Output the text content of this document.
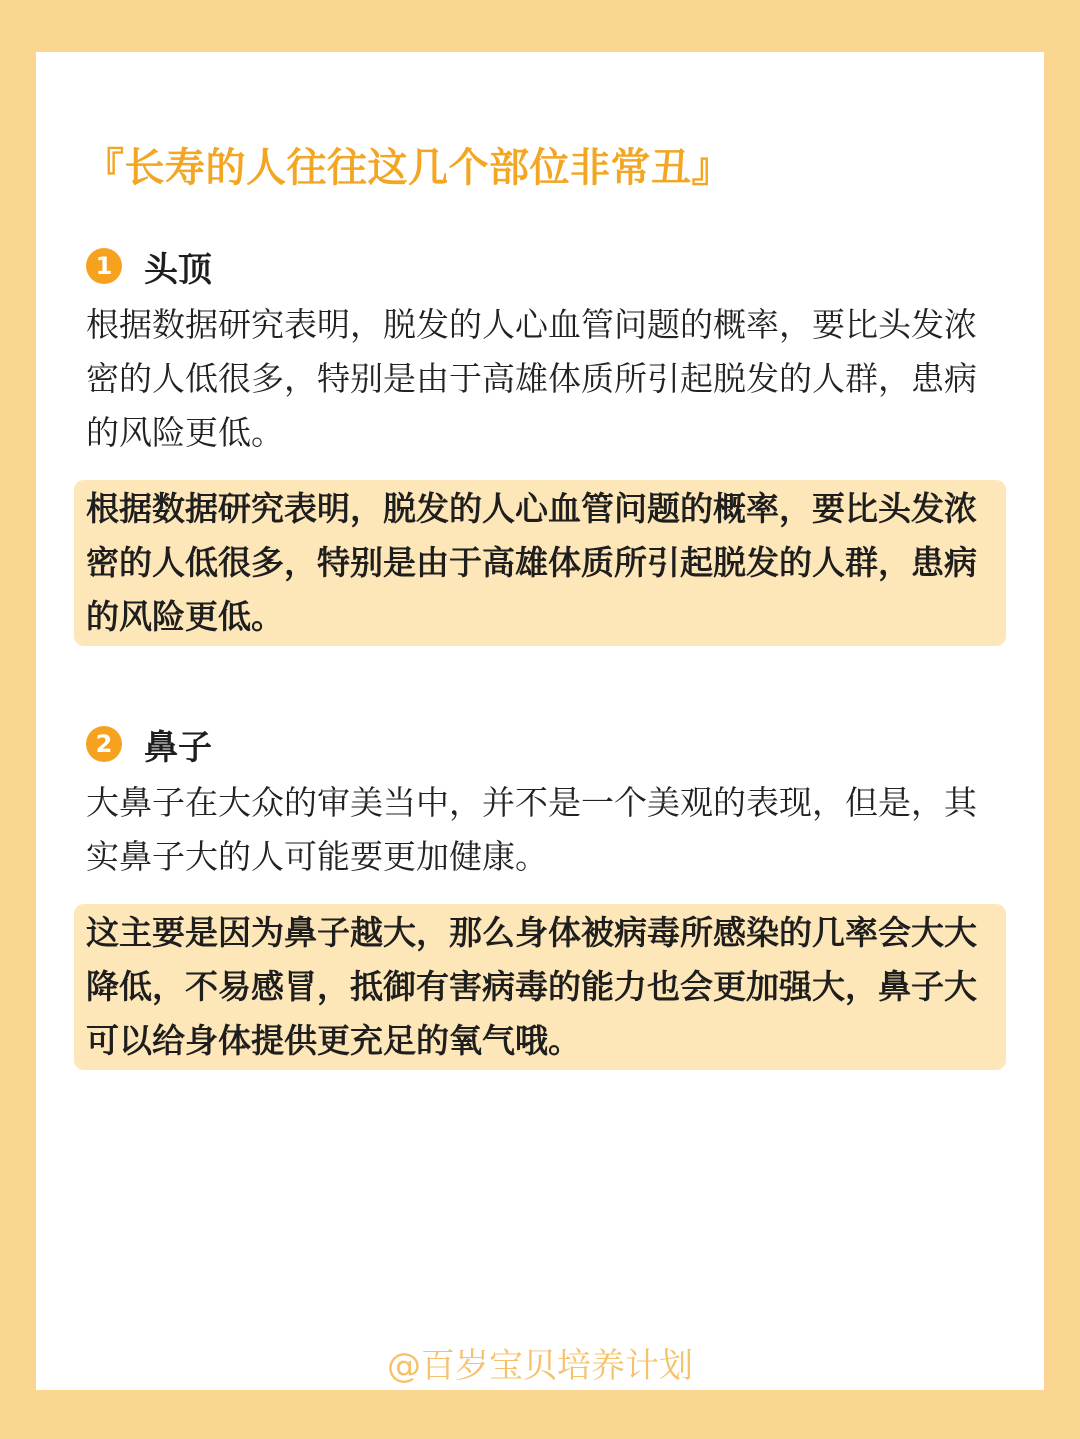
『长寿的人往往这几个部位非常丑』
1 头顶

根据数据研究表明，脱发的人心血管问题的概率，要比头发浓密的人低很多，特别是由于高雄体质所引起脱发的人群，患病的风险更低。

根据数据研究表明，脱发的人心血管问题的概率，要比头发浓密的人低很多，特别是由于高雄体质所引起脱发的人群，患病的风险更低。

2 鼻子

大鼻子在大众的审美当中，并不是一个美观的表现，但是，其实鼻子大的人可能要更加健康。

这主要是因为鼻子越大，那么身体被病毒所感染的几率会大大降低，不易感冒，抵御有害病毒的能力也会更加强大，鼻子大可以给身体提供更充足的氧气哦。

@百岁宝贝培养计划
